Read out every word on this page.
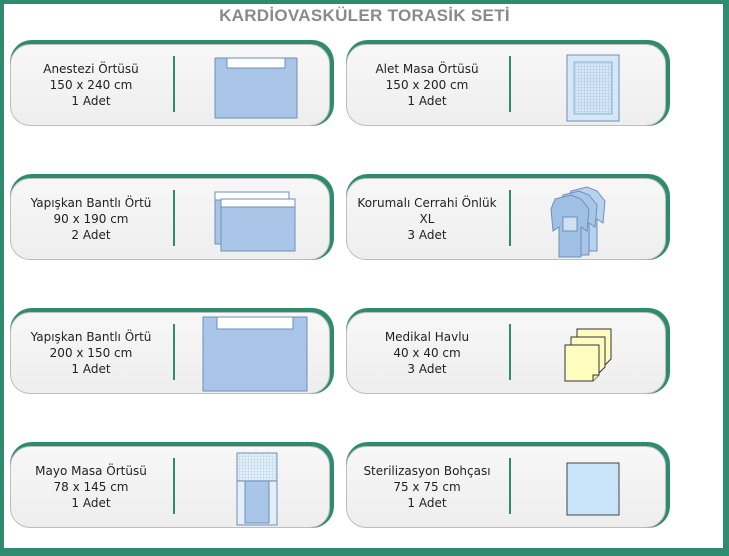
KARDİOVASKÜLER TORASİK SETİ
Anestezi Örtüsü
150 x 240 cm
1 Adet
Alet Masa Örtüsü
150 x 200 cm
1 Adet
Yapışkan Bantlı Örtü
90 x 190 cm
2 Adet
Korumalı Cerrahi Önlük
XL
3 Adet
Yapışkan Bantlı Örtü
200 x 150 cm
1 Adet
Medikal Havlu
40 x 40 cm
3 Adet
Mayo Masa Örtüsü
78 x 145 cm
1 Adet
Sterilizasyon Bohçası
75 x 75 cm
1 Adet
